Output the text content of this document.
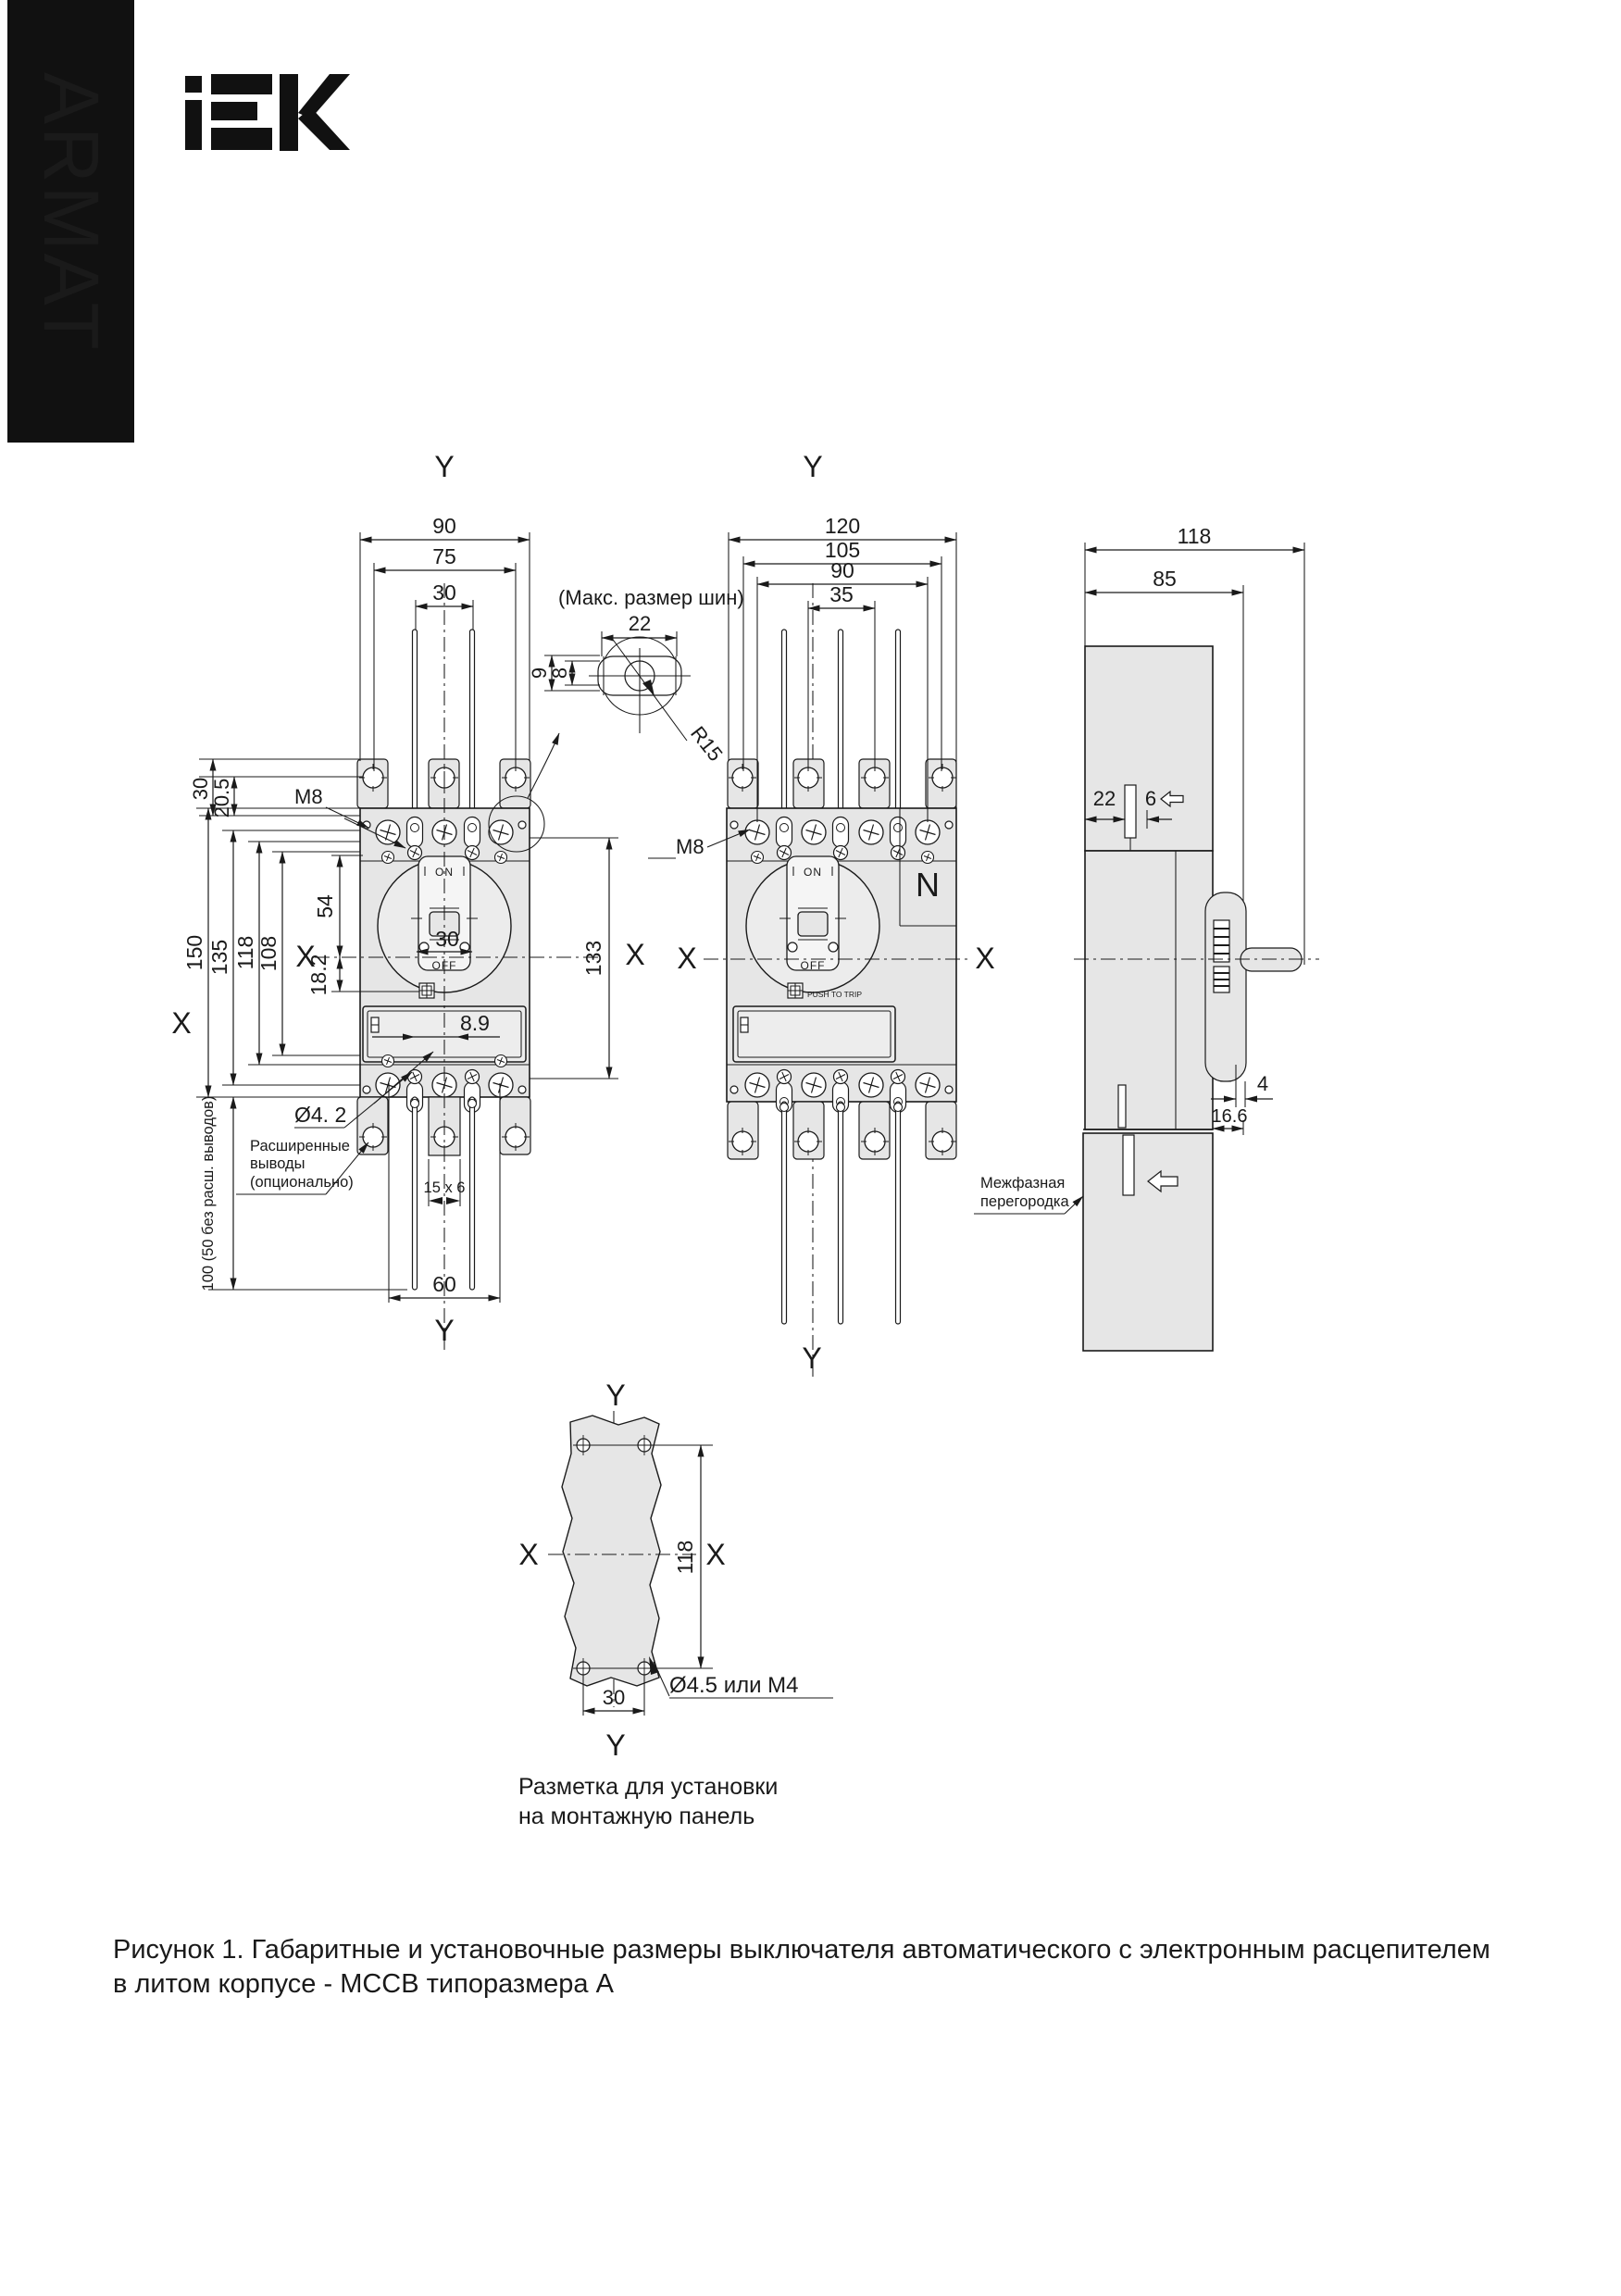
ARMAT
Y
ON
OFF
X
X	X
90
75
30
30
20.5	M8
150 135 118 108
54
18.2
30
8.9
133
Ø4. 2
Расширенные
выводы
(опционально)
100 (50 без расш. выводов)	15 x 6
60
Y
(Макс. размер шин)
22
9
8
R15
Y
N
ON
OFF
PUSH TO TRIP
X	X
120
105
90
35
M8
Y
118
85
22 6
4
16.6
Межфазная
перегородка
Y
X	X
118
30 Ø4.5 или M4
Y
Разметка для установки
на монтажную панель
Рисунок 1. Габаритные и установочные размеры выключателя автоматического с электронным расцепителем
в литом корпусе - МССВ типоразмера А
